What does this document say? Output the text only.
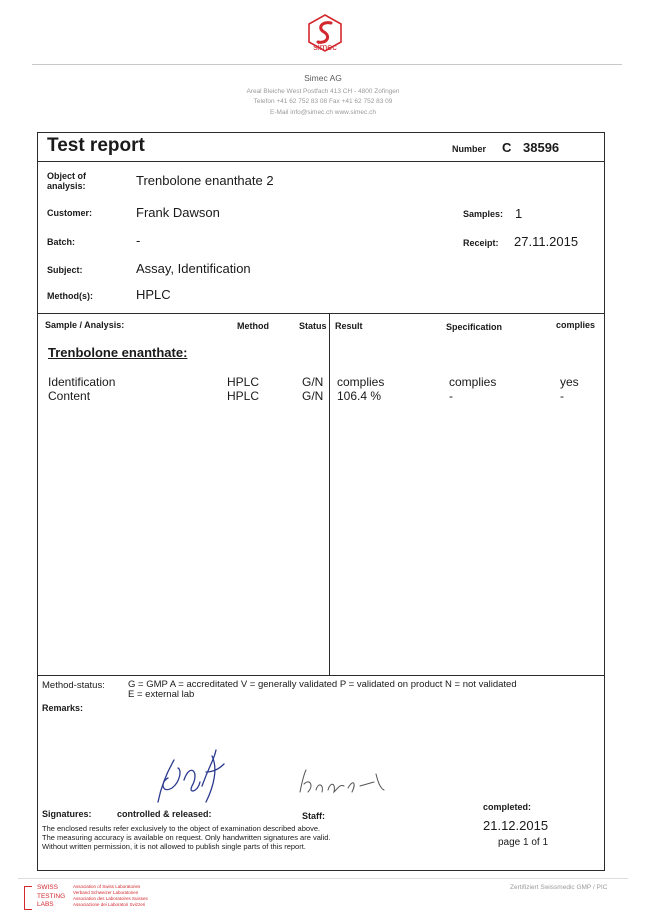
simec
Simec AG
Areal Bleiche West Postfach 413 CH - 4800 Zofingen
Telefon +41 62 752 83 08 Fax +41 62 752 83 09
E-Mail info@simec.ch www.simec.ch
Test report	Number C 38596
Object of analysis:	Trenbolone enanthate 2
Customer:	Frank Dawson	Samples: 1
Batch:	-	Receipt: 27.11.2015
Subject:	Assay, Identification
Method(s):	HPLC
Sample / Analysis:	Method	Status Result	Specification	complies
Trenbolone enanthate:
Identification	HPLC	G/N complies	complies	yes
Content	HPLC	G/N 106.4 %	-	-
Method-status: G = GMP A = accreditated V = generally validated P = validated on product N = not validated
E = external lab
Remarks:
Signatures:	controlled & released:	Staff:
completed:
21.12.2015
page 1 of 1
The enclosed results refer exclusively to the object of examination described above.
The measuring accuracy is available on request. Only handwritten signatures are valid.
Without written permission, it is not allowed to publish single parts of this report.
SWISS TESTING LABS
Association of Swiss Laboratories
Verband Schweizer Laboratorien
Association des Laboratoires Suisses
Associazione dei Laboratori Svizzeri
Zertifiziert Swissmedic GMP / PIC
